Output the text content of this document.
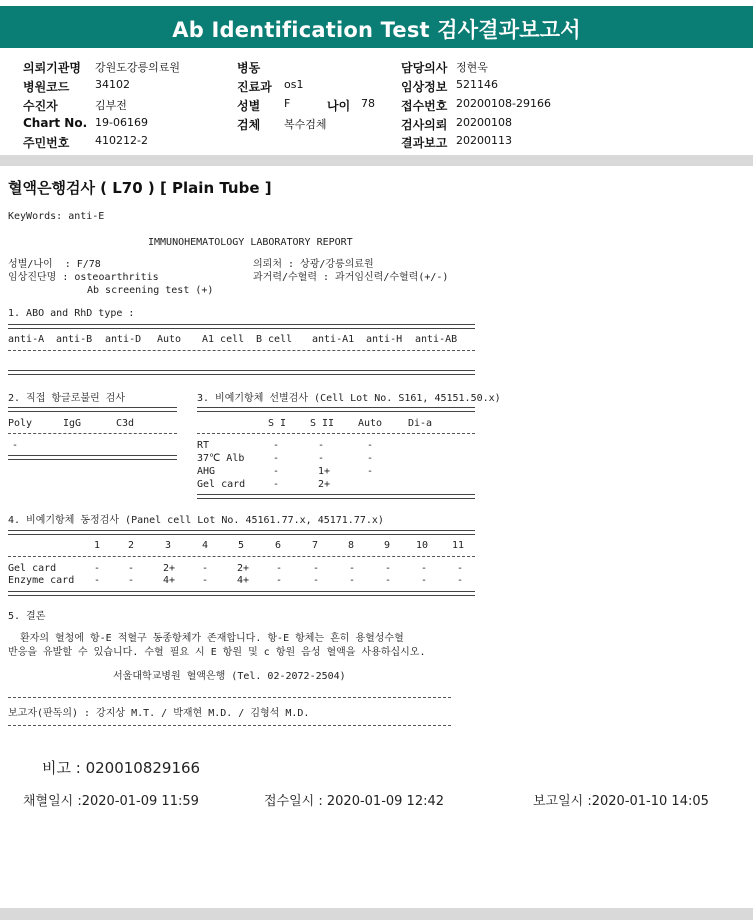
Ab Identification Test 검사결과보고서
의뢰기관명 강원도강릉의료원
병원코드 34102
수진자	김부전
Chart No. 19-06169
주민번호 410212-2
병동
진료과 os1
성별 F	나이 78
검체 복수검체
담당의사 정현욱
임상정보 521146
접수번호 20200108-29166
검사의뢰 20200108
결과보고 20200113
혈액은행검사 ( L70 ) [ Plain Tube ]
KeyWords: anti-E
IMMUNOHEMATOLOGY LABORATORY REPORT
성별/나이  : F/78	의뢰처 : 상광/강릉의료원
임상진단명 : osteoarthritis	과거력/수혈력 : 과거임신력/수혈력(+/-)
Ab screening test (+)
1. ABO and RhD type :
anti-A anti-B anti-D Auto A1 cell B cell anti-A1 anti-H anti-AB
2. 직접 항글로불린 검사
Poly	IgG	C3d
-
3. 비예기항체 선별검사 (Cell Lot No. S161, 45151.50.x)
S I S II Auto	Di-a
RT	-	-	-
37℃ Alb	-	-	-
AHG	-	1+	-
Gel card	-	2+
4. 비예기항체 동정검사 (Panel cell Lot No. 45161.77.x, 45171.77.x)
1	2	3	4	5	6	7	8	9	10 11
Gel card	-	-	2+	-	2+	-	-	-	-	-	-
Enzyme card -	-	4+	-	4+	-	-	-	-	-	-
5. 결론
환자의 혈청에 항-E 적혈구 동종항체가 존재합니다. 항-E 항체는 흔히 용혈성수혈
반응을 유발할 수 있습니다. 수혈 필요 시 E 항원 및 c 항원 음성 혈액을 사용하십시오.
서울대학교병원 혈액은행 (Tel. 02-2072-2504)
보고자(판독의) : 강지상 M.T. / 박재현 M.D. / 김형석 M.D.
비고 : 020010829166
채혈일시 :2020-01-09 11:59	접수일시 : 2020-01-09 12:42	보고일시 :2020-01-10 14:05
